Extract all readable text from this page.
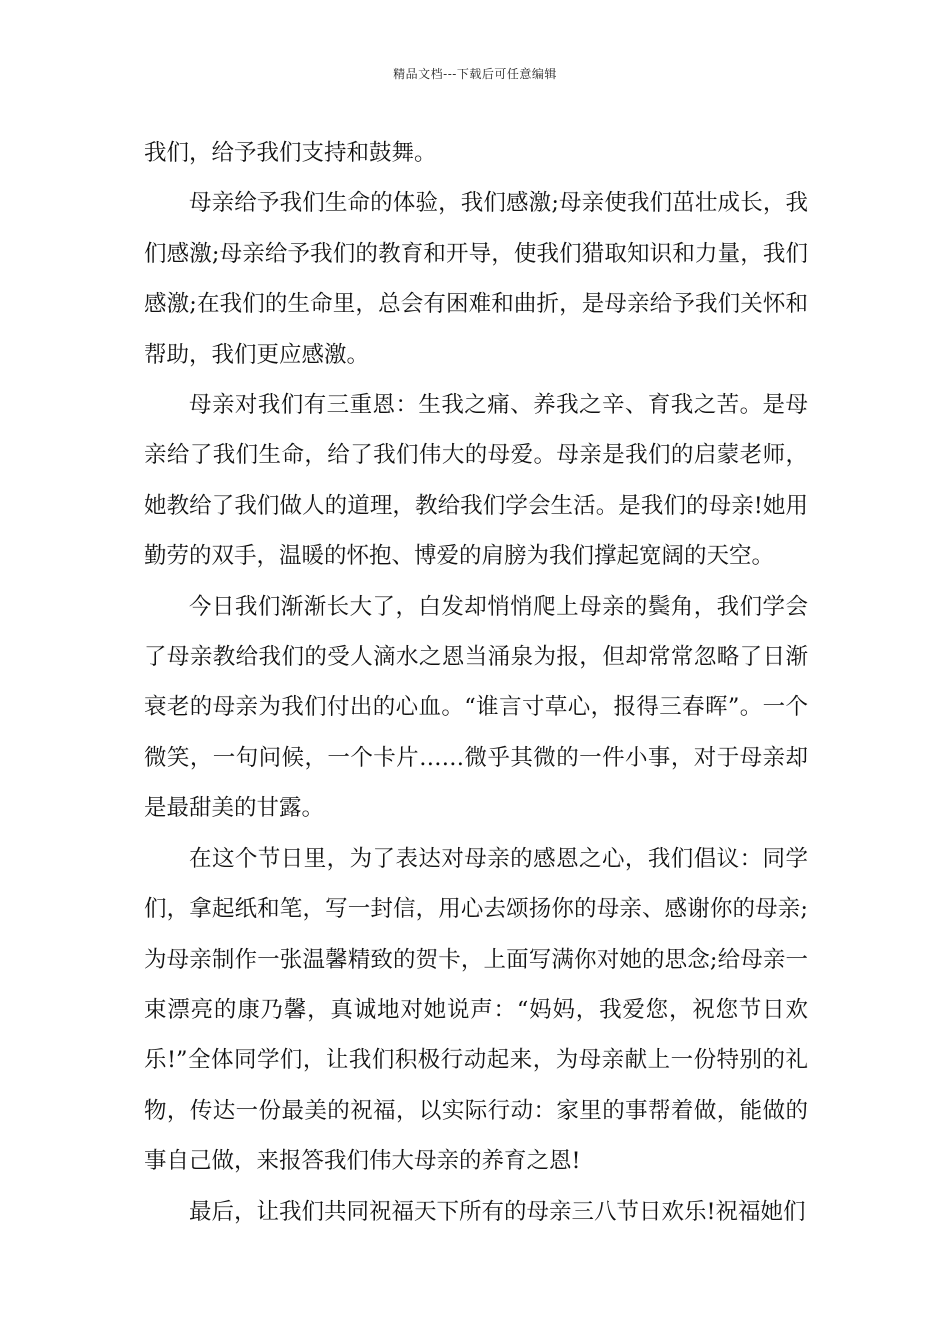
精品文档---下载后可任意编辑

我们，给予我们支持和鼓舞。

母亲给予我们生命的体验，我们感激;母亲使我们茁壮成长，我们感激;母亲给予我们的教育和开导，使我们猎取知识和力量，我们感激;在我们的生命里，总会有困难和曲折，是母亲给予我们关怀和帮助，我们更应感激。

母亲对我们有三重恩：生我之痛、养我之辛、育我之苦。是母亲给了我们生命，给了我们伟大的母爱。母亲是我们的启蒙老师，她教给了我们做人的道理，教给我们学会生活。是我们的母亲!她用勤劳的双手，温暖的怀抱、博爱的肩膀为我们撑起宽阔的天空。

今日我们渐渐长大了，白发却悄悄爬上母亲的鬓角，我们学会了母亲教给我们的受人滴水之恩当涌泉为报，但却常常忽略了日渐衰老的母亲为我们付出的心血。“谁言寸草心，报得三春晖”。一个微笑，一句问候，一个卡片……微乎其微的一件小事，对于母亲却是最甜美的甘露。

在这个节日里，为了表达对母亲的感恩之心，我们倡议：同学们，拿起纸和笔，写一封信，用心去颂扬你的母亲、感谢你的母亲;为母亲制作一张温馨精致的贺卡，上面写满你对她的思念;给母亲一束漂亮的康乃馨，真诚地对她说声：“妈妈，我爱您，祝您节日欢乐!”全体同学们，让我们积极行动起来，为母亲献上一份特别的礼物，传达一份最美的祝福，以实际行动：家里的事帮着做，能做的事自己做，来报答我们伟大母亲的养育之恩!

最后，让我们共同祝福天下所有的母亲三八节日欢乐!祝福她们
